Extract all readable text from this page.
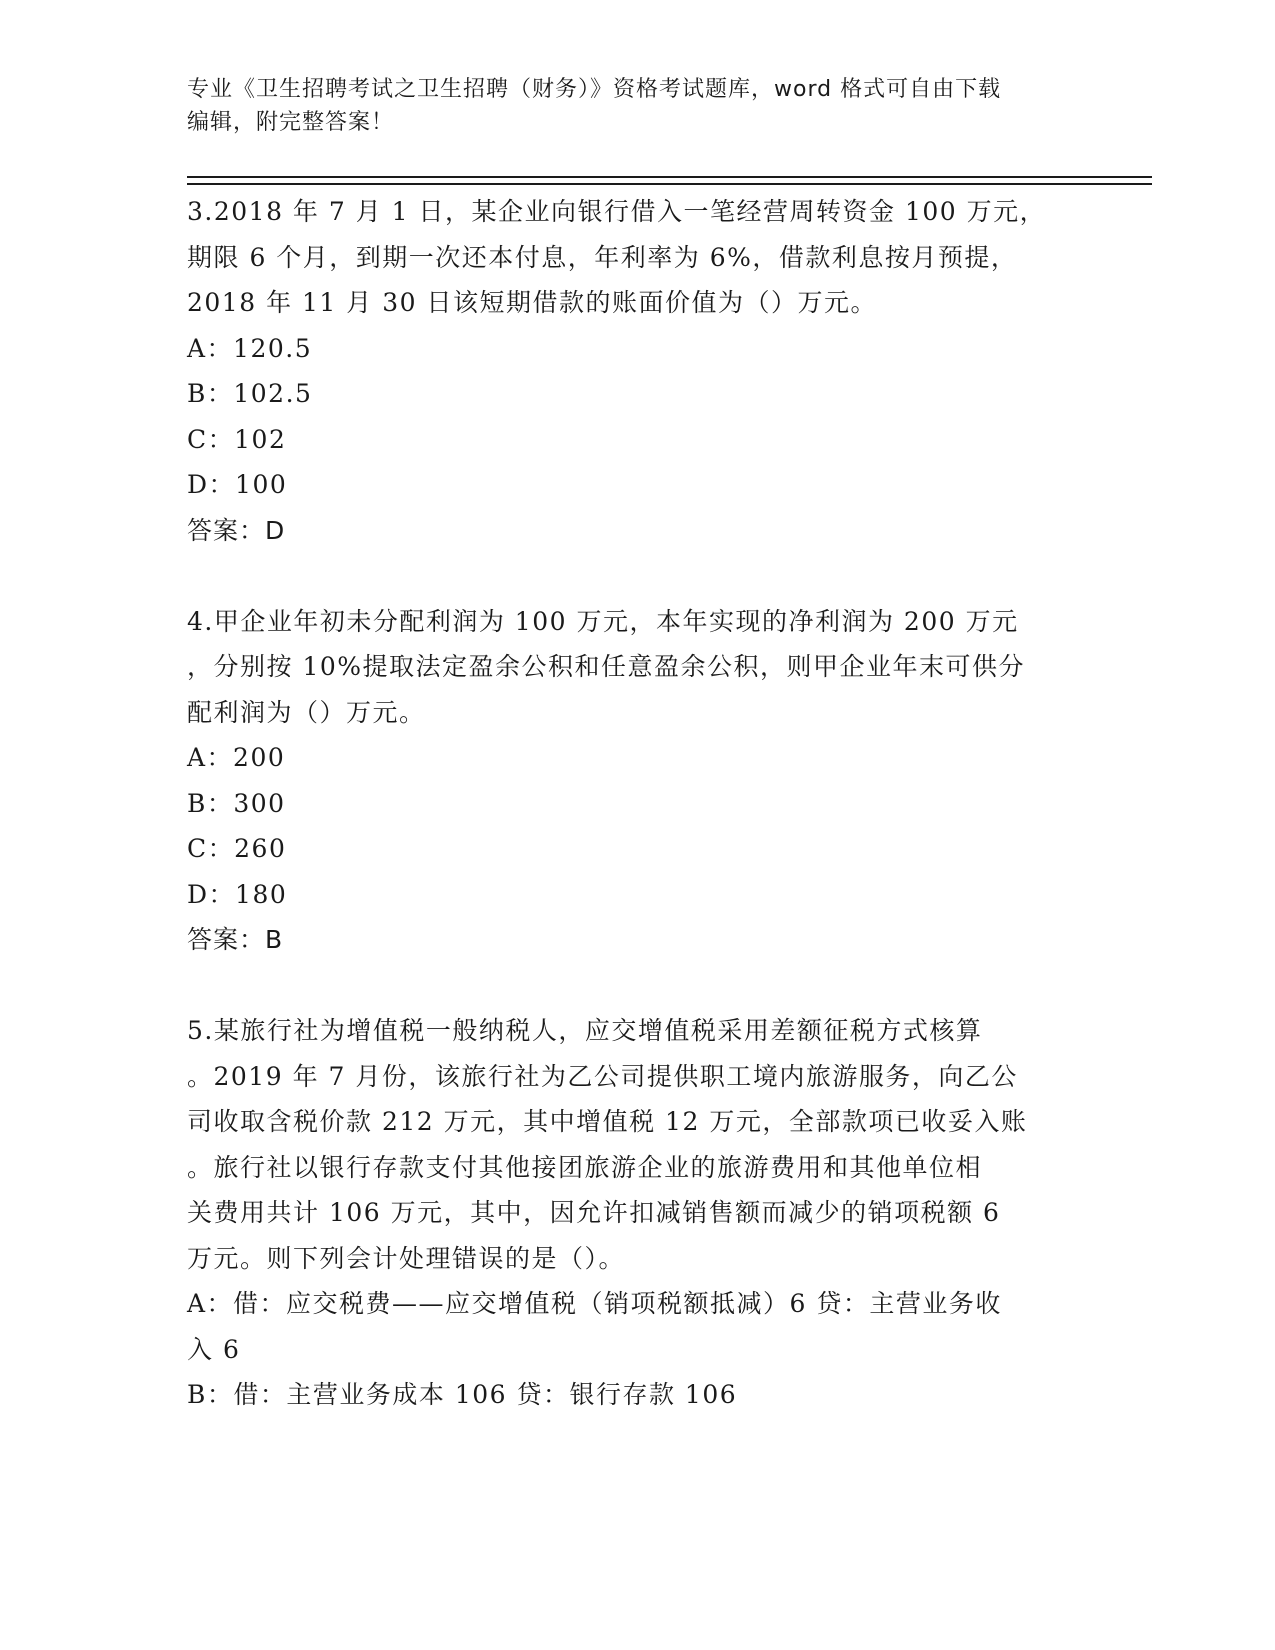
专业《卫生招聘考试之卫生招聘（财务）》资格考试题库，word 格式可自由下载
编辑，附完整答案！

3.2018 年 7 月 1 日，某企业向银行借入一笔经营周转资金 100 万元，

期限 6 个月，到期一次还本付息，年利率为 6%，借款利息按月预提，

2018 年 11 月 30 日该短期借款的账面价值为（）万元。

A：120.5

B：102.5

C：102

D：100

答案：D

4.甲企业年初未分配利润为 100 万元，本年实现的净利润为 200 万元

，分别按 10%提取法定盈余公积和任意盈余公积，则甲企业年末可供分

配利润为（）万元。

A：200

B：300

C：260

D：180

答案：B

5.某旅行社为增值税一般纳税人，应交增值税采用差额征税方式核算

。2019 年 7 月份，该旅行社为乙公司提供职工境内旅游服务，向乙公

司收取含税价款 212 万元，其中增值税 12 万元，全部款项已收妥入账

。旅行社以银行存款支付其他接团旅游企业的旅游费用和其他单位相

关费用共计 106 万元，其中，因允许扣减销售额而减少的销项税额 6

万元。则下列会计处理错误的是（）。

A：借：应交税费——应交增值税（销项税额抵减）6 贷：主营业务收

入 6

B：借：主营业务成本 106 贷：银行存款 106
